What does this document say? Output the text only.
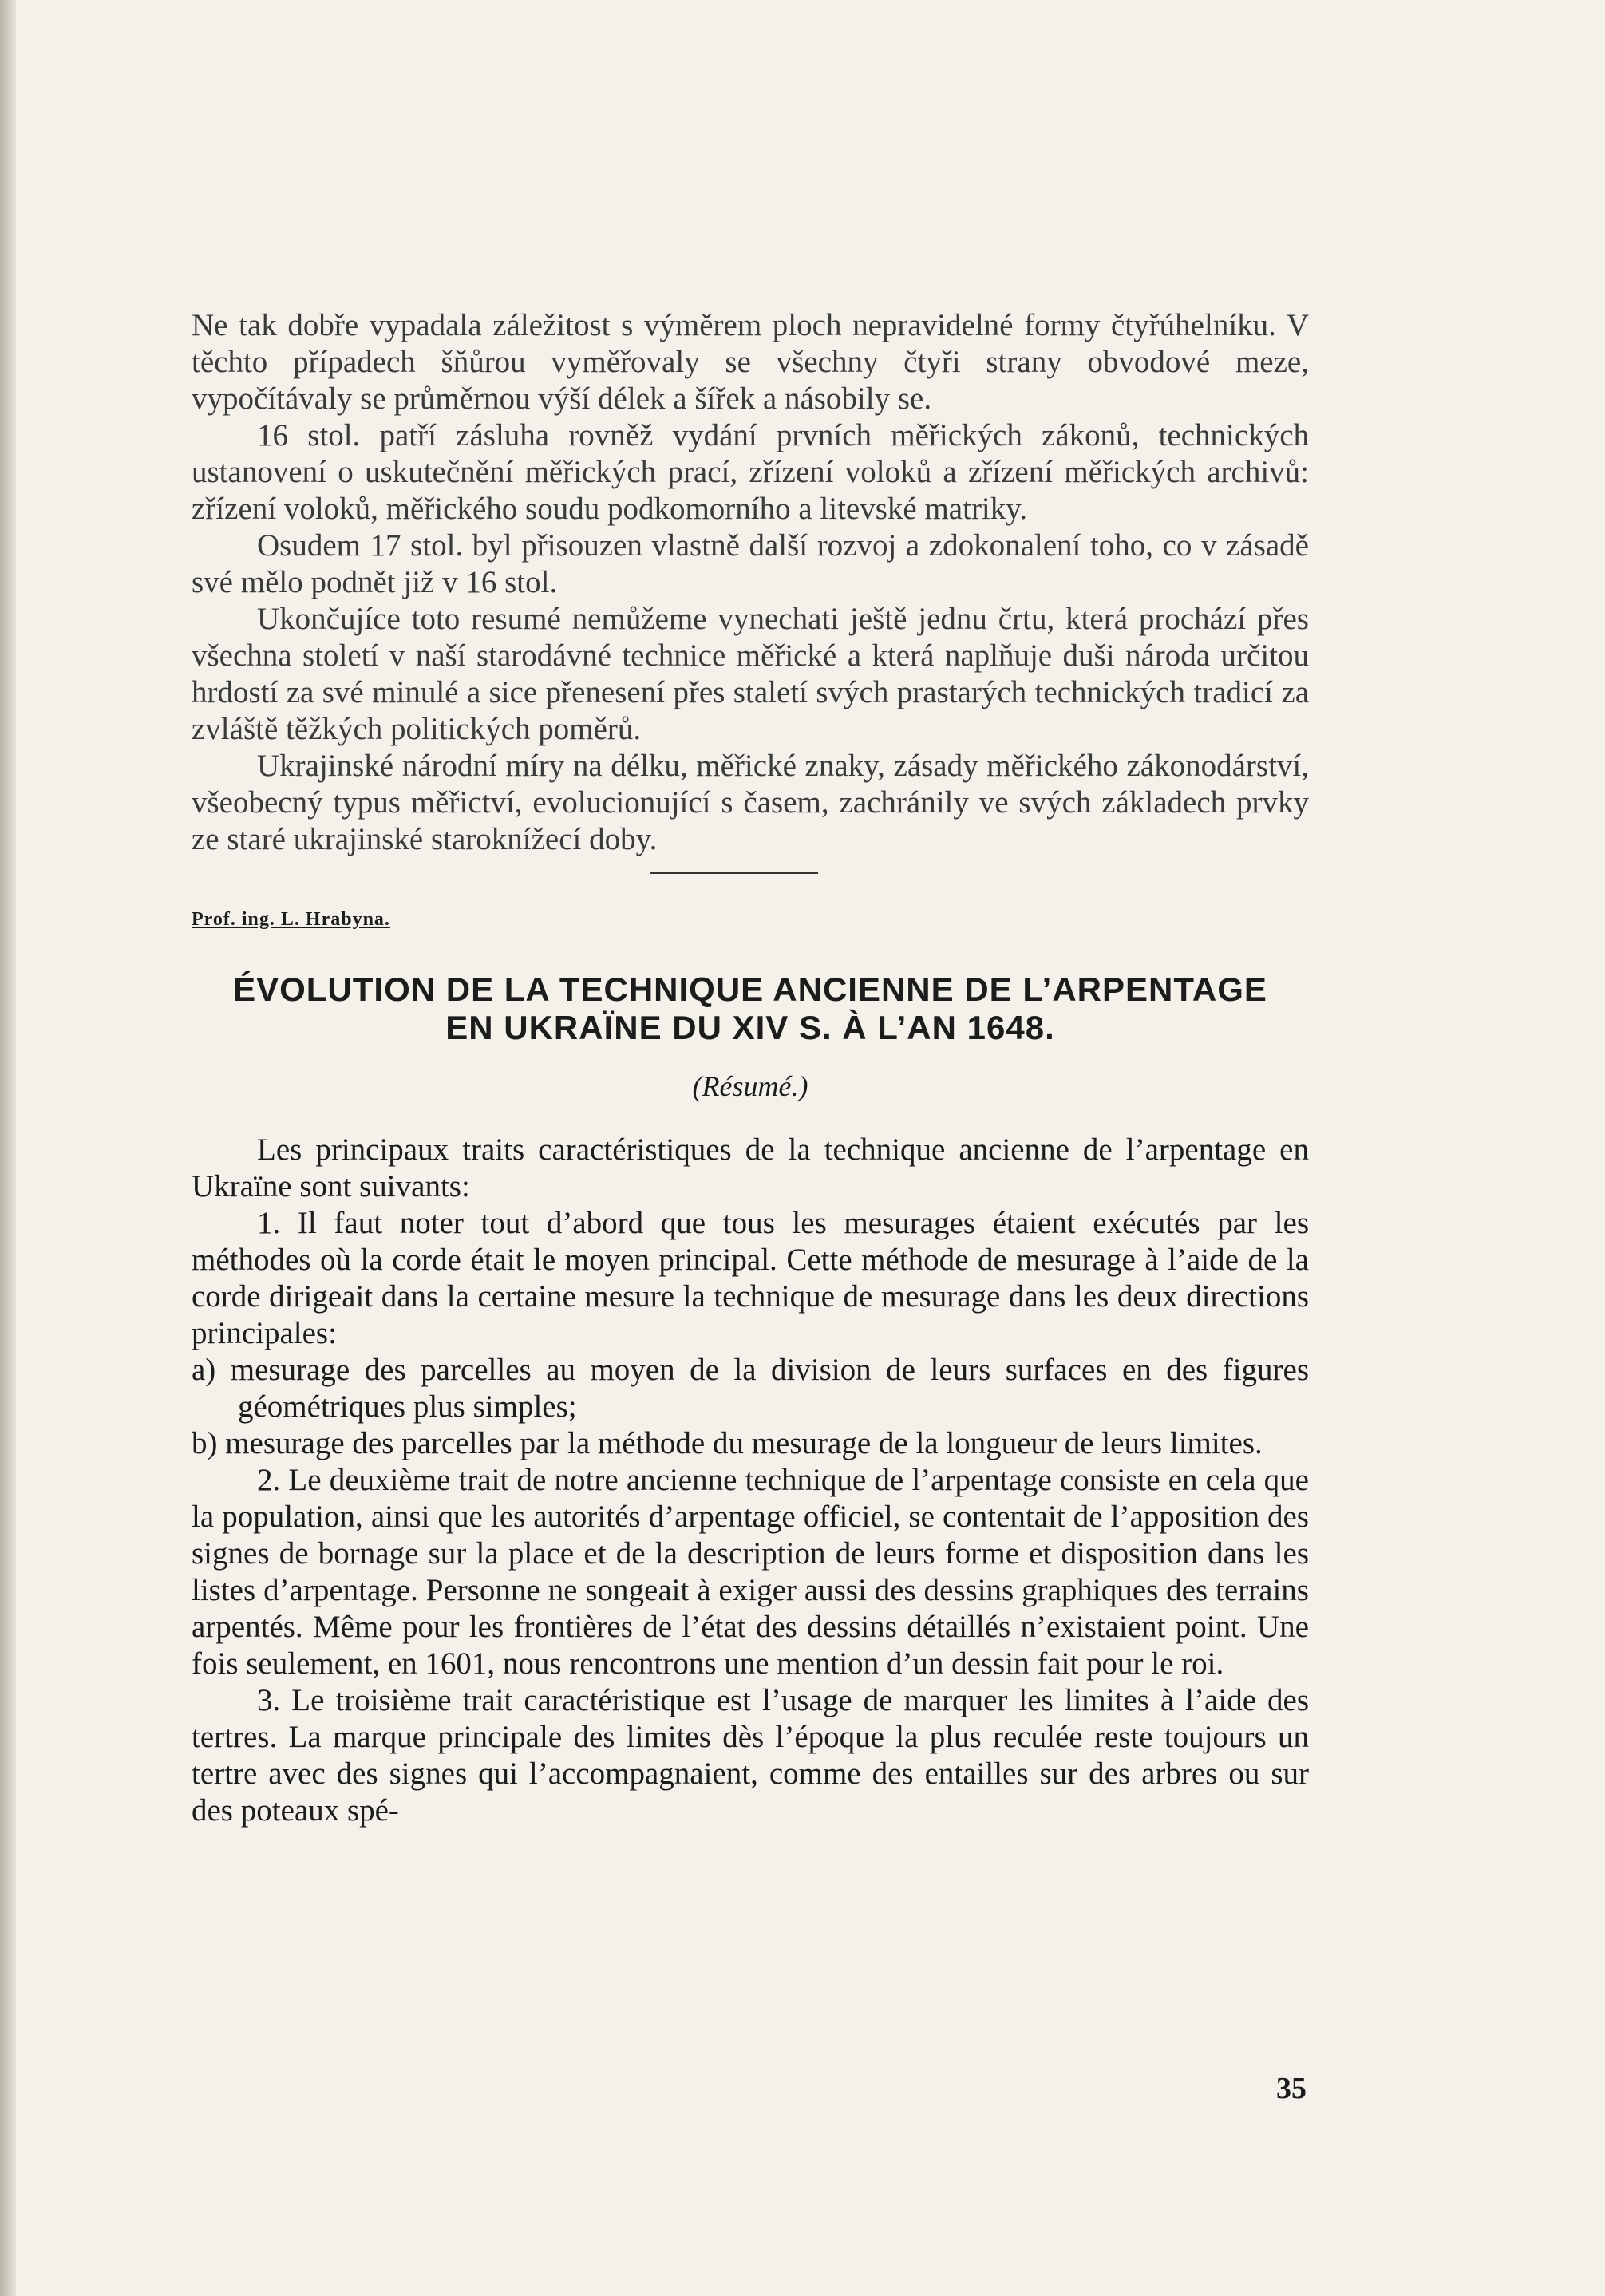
Ne tak dobře vypadala záležitost s výměrem ploch nepravidelné formy čtyřúhelníku. V těchto případech šňůrou vyměřovaly se všechny čtyři strany obvodové meze, vypočítávaly se průměrnou výší délek a šířek a násobily se.

16 stol. patří zásluha rovněž vydání prvních měřických zákonů, technických ustanovení o uskutečnění měřických prací, zřízení voloků a zřízení měřických archivů: zřízení voloků, měřického soudu podkomorního a litevské matriky.

Osudem 17 stol. byl přisouzen vlastně další rozvoj a zdokonalení toho, co v zásadě své mělo podnět již v 16 stol.

Ukončujíce toto resumé nemůžeme vynechati ještě jednu črtu, která prochází přes všechna století v naší starodávné technice měřické a která naplňuje duši národa určitou hrdostí za své minulé a sice přenesení přes staletí svých prastarých technických tradicí za zvláště těžkých politických poměrů.

Ukrajinské národní míry na délku, měřické znaky, zásady měřického zákonodárství, všeobecný typus měřictví, evolucionující s časem, zachránily ve svých základech prvky ze staré ukrajinské staroknížecí doby.

Prof. ing. L. Hrabyna.
ÉVOLUTION DE LA TECHNIQUE ANCIENNE DE L’ARPENTAGE
EN UKRAÏNE DU XIV S. À L’AN 1648.
(Résumé.)

Les principaux traits caractéristiques de la technique ancienne de l’arpentage en Ukraïne sont suivants:

1. Il faut noter tout d’abord que tous les mesurages étaient exécutés par les méthodes où la corde était le moyen principal. Cette méthode de mesurage à l’aide de la corde dirigeait dans la certaine mesure la technique de mesurage dans les deux directions principales:

a) mesurage des parcelles au moyen de la division de leurs surfaces en des figures géométriques plus simples;

b) mesurage des parcelles par la méthode du mesurage de la longueur de leurs limites.

2. Le deuxième trait de notre ancienne technique de l’arpentage consiste en cela que la population, ainsi que les autorités d’arpentage officiel, se contentait de l’apposition des signes de bornage sur la place et de la description de leurs forme et disposition dans les listes d’arpentage. Personne ne songeait à exiger aussi des dessins graphiques des terrains arpentés. Même pour les frontières de l’état des dessins détaillés n’existaient point. Une fois seulement, en 1601, nous rencontrons une mention d’un dessin fait pour le roi.

3. Le troisième trait caractéristique est l’usage de marquer les limites à l’aide des tertres. La marque principale des limites dès l’époque la plus reculée reste toujours un tertre avec des signes qui l’accompagnaient, comme des entailles sur des arbres ou sur des poteaux spé-

35
